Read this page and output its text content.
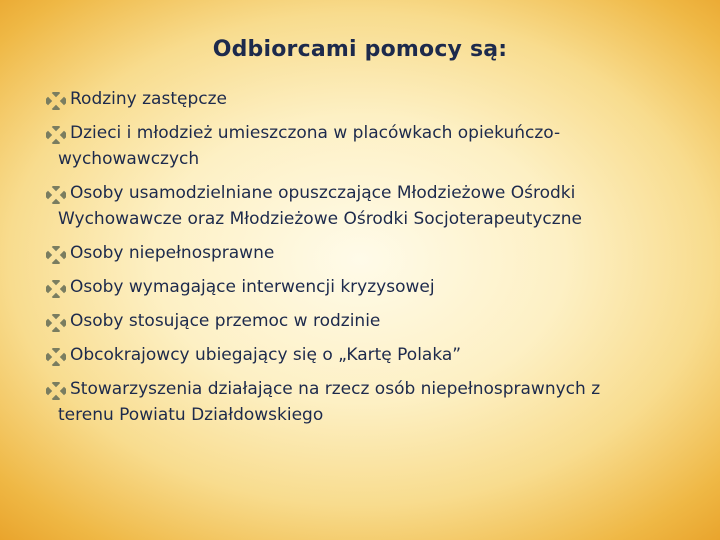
Odbiorcami pomocy są:
Rodziny zastępcze
Dzieci i młodzież umieszczona w placówkach opiekuńczo-
wychowawczych
Osoby usamodzielniane opuszczające Młodzieżowe Ośrodki
Wychowawcze oraz Młodzieżowe Ośrodki Socjoterapeutyczne
Osoby niepełnosprawne
Osoby wymagające interwencji kryzysowej
Osoby stosujące przemoc w rodzinie
Obcokrajowcy ubiegający się o „Kartę Polaka”
Stowarzyszenia działające na rzecz osób niepełnosprawnych z
terenu Powiatu Działdowskiego
